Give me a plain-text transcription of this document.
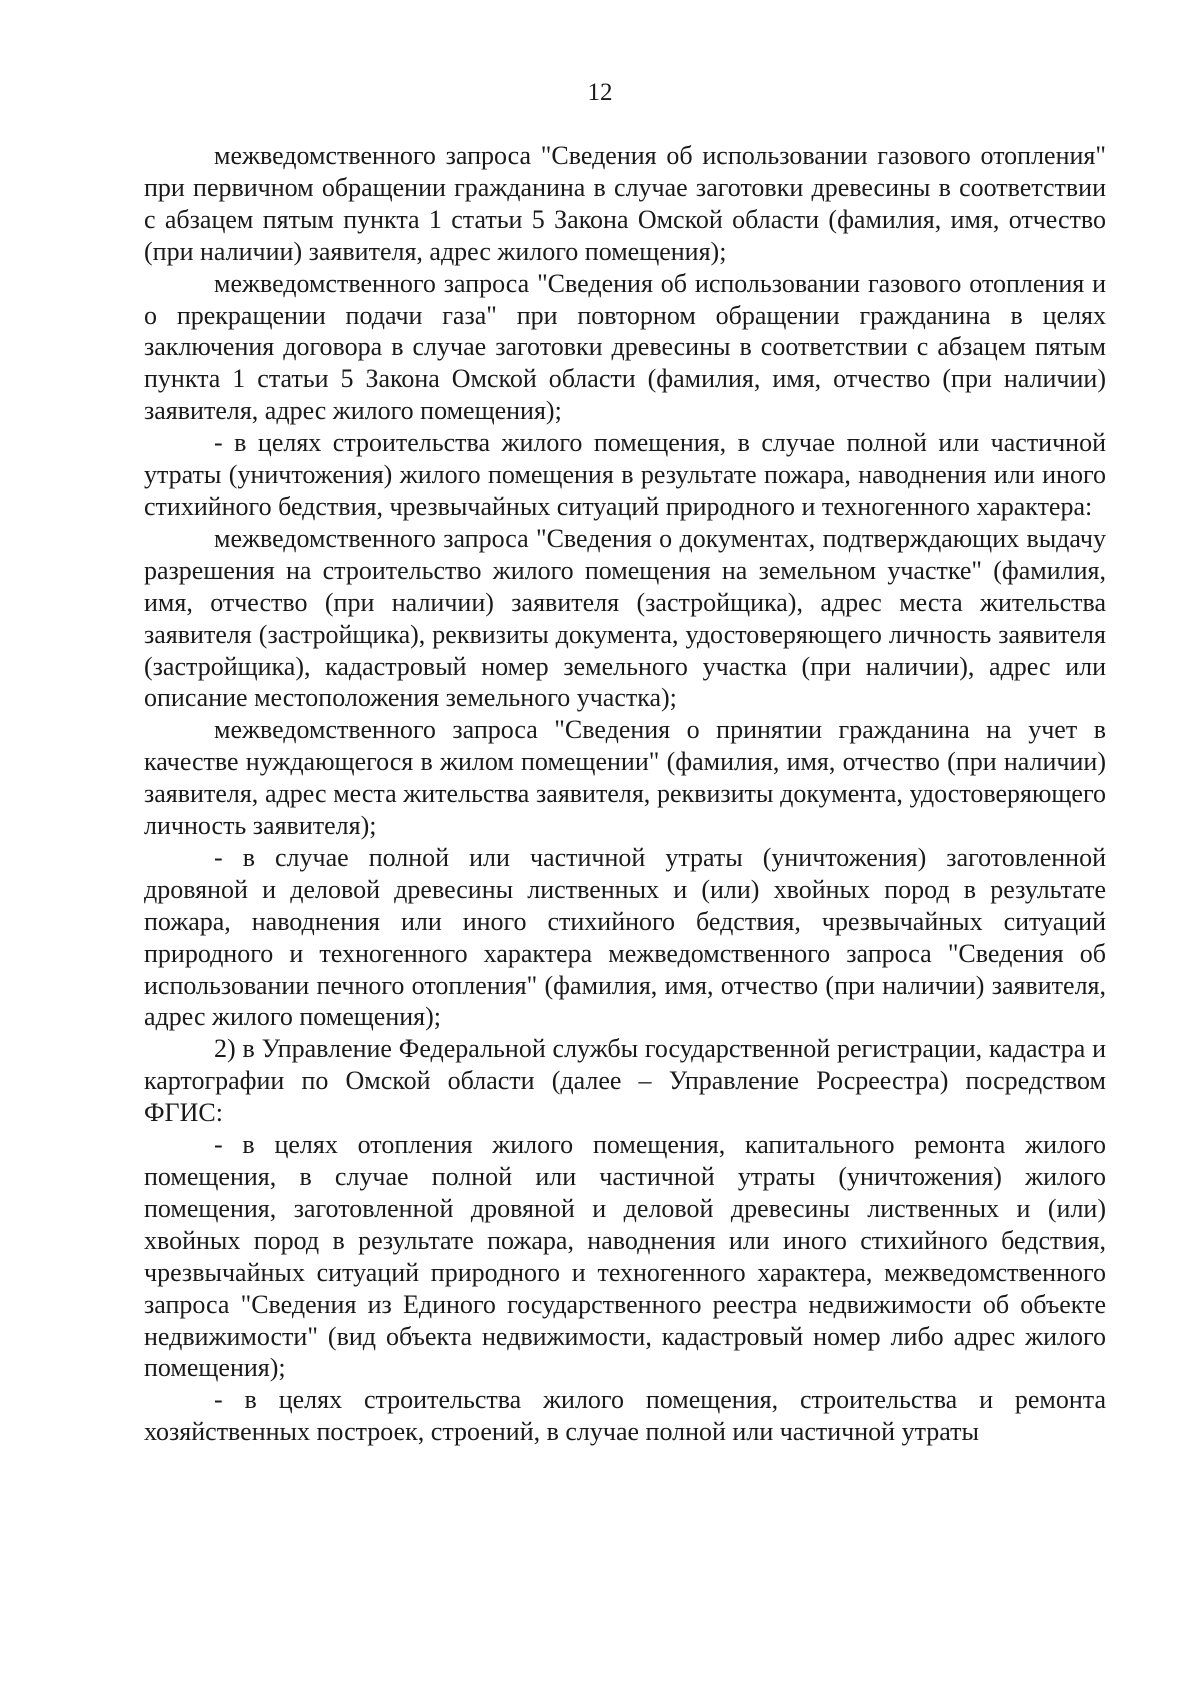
12

межведомственного запроса "Сведения об использовании газового отопления" при первичном обращении гражданина в случае заготовки древесины в соответствии с абзацем пятым пункта 1 статьи 5 Закона Омской области (фамилия, имя, отчество (при наличии) заявителя, адрес жилого помещения);

межведомственного запроса "Сведения об использовании газового отопления и о прекращении подачи газа" при повторном обращении гражданина в целях заключения договора в случае заготовки древесины в соответствии с абзацем пятым пункта 1 статьи 5 Закона Омской области (фамилия, имя, отчество (при наличии) заявителя, адрес жилого помещения);

- в целях строительства жилого помещения, в случае полной или частичной утраты (уничтожения) жилого помещения в результате пожара, наводнения или иного стихийного бедствия, чрезвычайных ситуаций природного и техногенного характера:

межведомственного запроса "Сведения о документах, подтверждающих выдачу разрешения на строительство жилого помещения на земельном участке" (фамилия, имя, отчество (при наличии) заявителя (застройщика), адрес места жительства заявителя (застройщика), реквизиты документа, удостоверяющего личность заявителя (застройщика), кадастровый номер земельного участка (при наличии), адрес или описание местоположения земельного участка);

межведомственного запроса "Сведения о принятии гражданина на учет в качестве нуждающегося в жилом помещении" (фамилия, имя, отчество (при наличии) заявителя, адрес места жительства заявителя, реквизиты документа, удостоверяющего личность заявителя);

- в случае полной или частичной утраты (уничтожения) заготовленной дровяной и деловой древесины лиственных и (или) хвойных пород в результате пожара, наводнения или иного стихийного бедствия, чрезвычайных ситуаций природного и техногенного характера межведомственного запроса "Сведения об использовании печного отопления" (фамилия, имя, отчество (при наличии) заявителя, адрес жилого помещения);

2) в Управление Федеральной службы государственной регистрации, кадастра и картографии по Омской области (далее – Управление Росреестра) посредством ФГИС:

- в целях отопления жилого помещения, капитального ремонта жилого помещения, в случае полной или частичной утраты (уничтожения) жилого помещения, заготовленной дровяной и деловой древесины лиственных и (или) хвойных пород в результате пожара, наводнения или иного стихийного бедствия, чрезвычайных ситуаций природного и техногенного характера, межведомственного запроса "Сведения из Единого государственного реестра недвижимости об объекте недвижимости" (вид объекта недвижимости, кадастровый номер либо адрес жилого помещения);

- в целях строительства жилого помещения, строительства и ремонта хозяйственных построек, строений, в случае полной или частичной утраты
